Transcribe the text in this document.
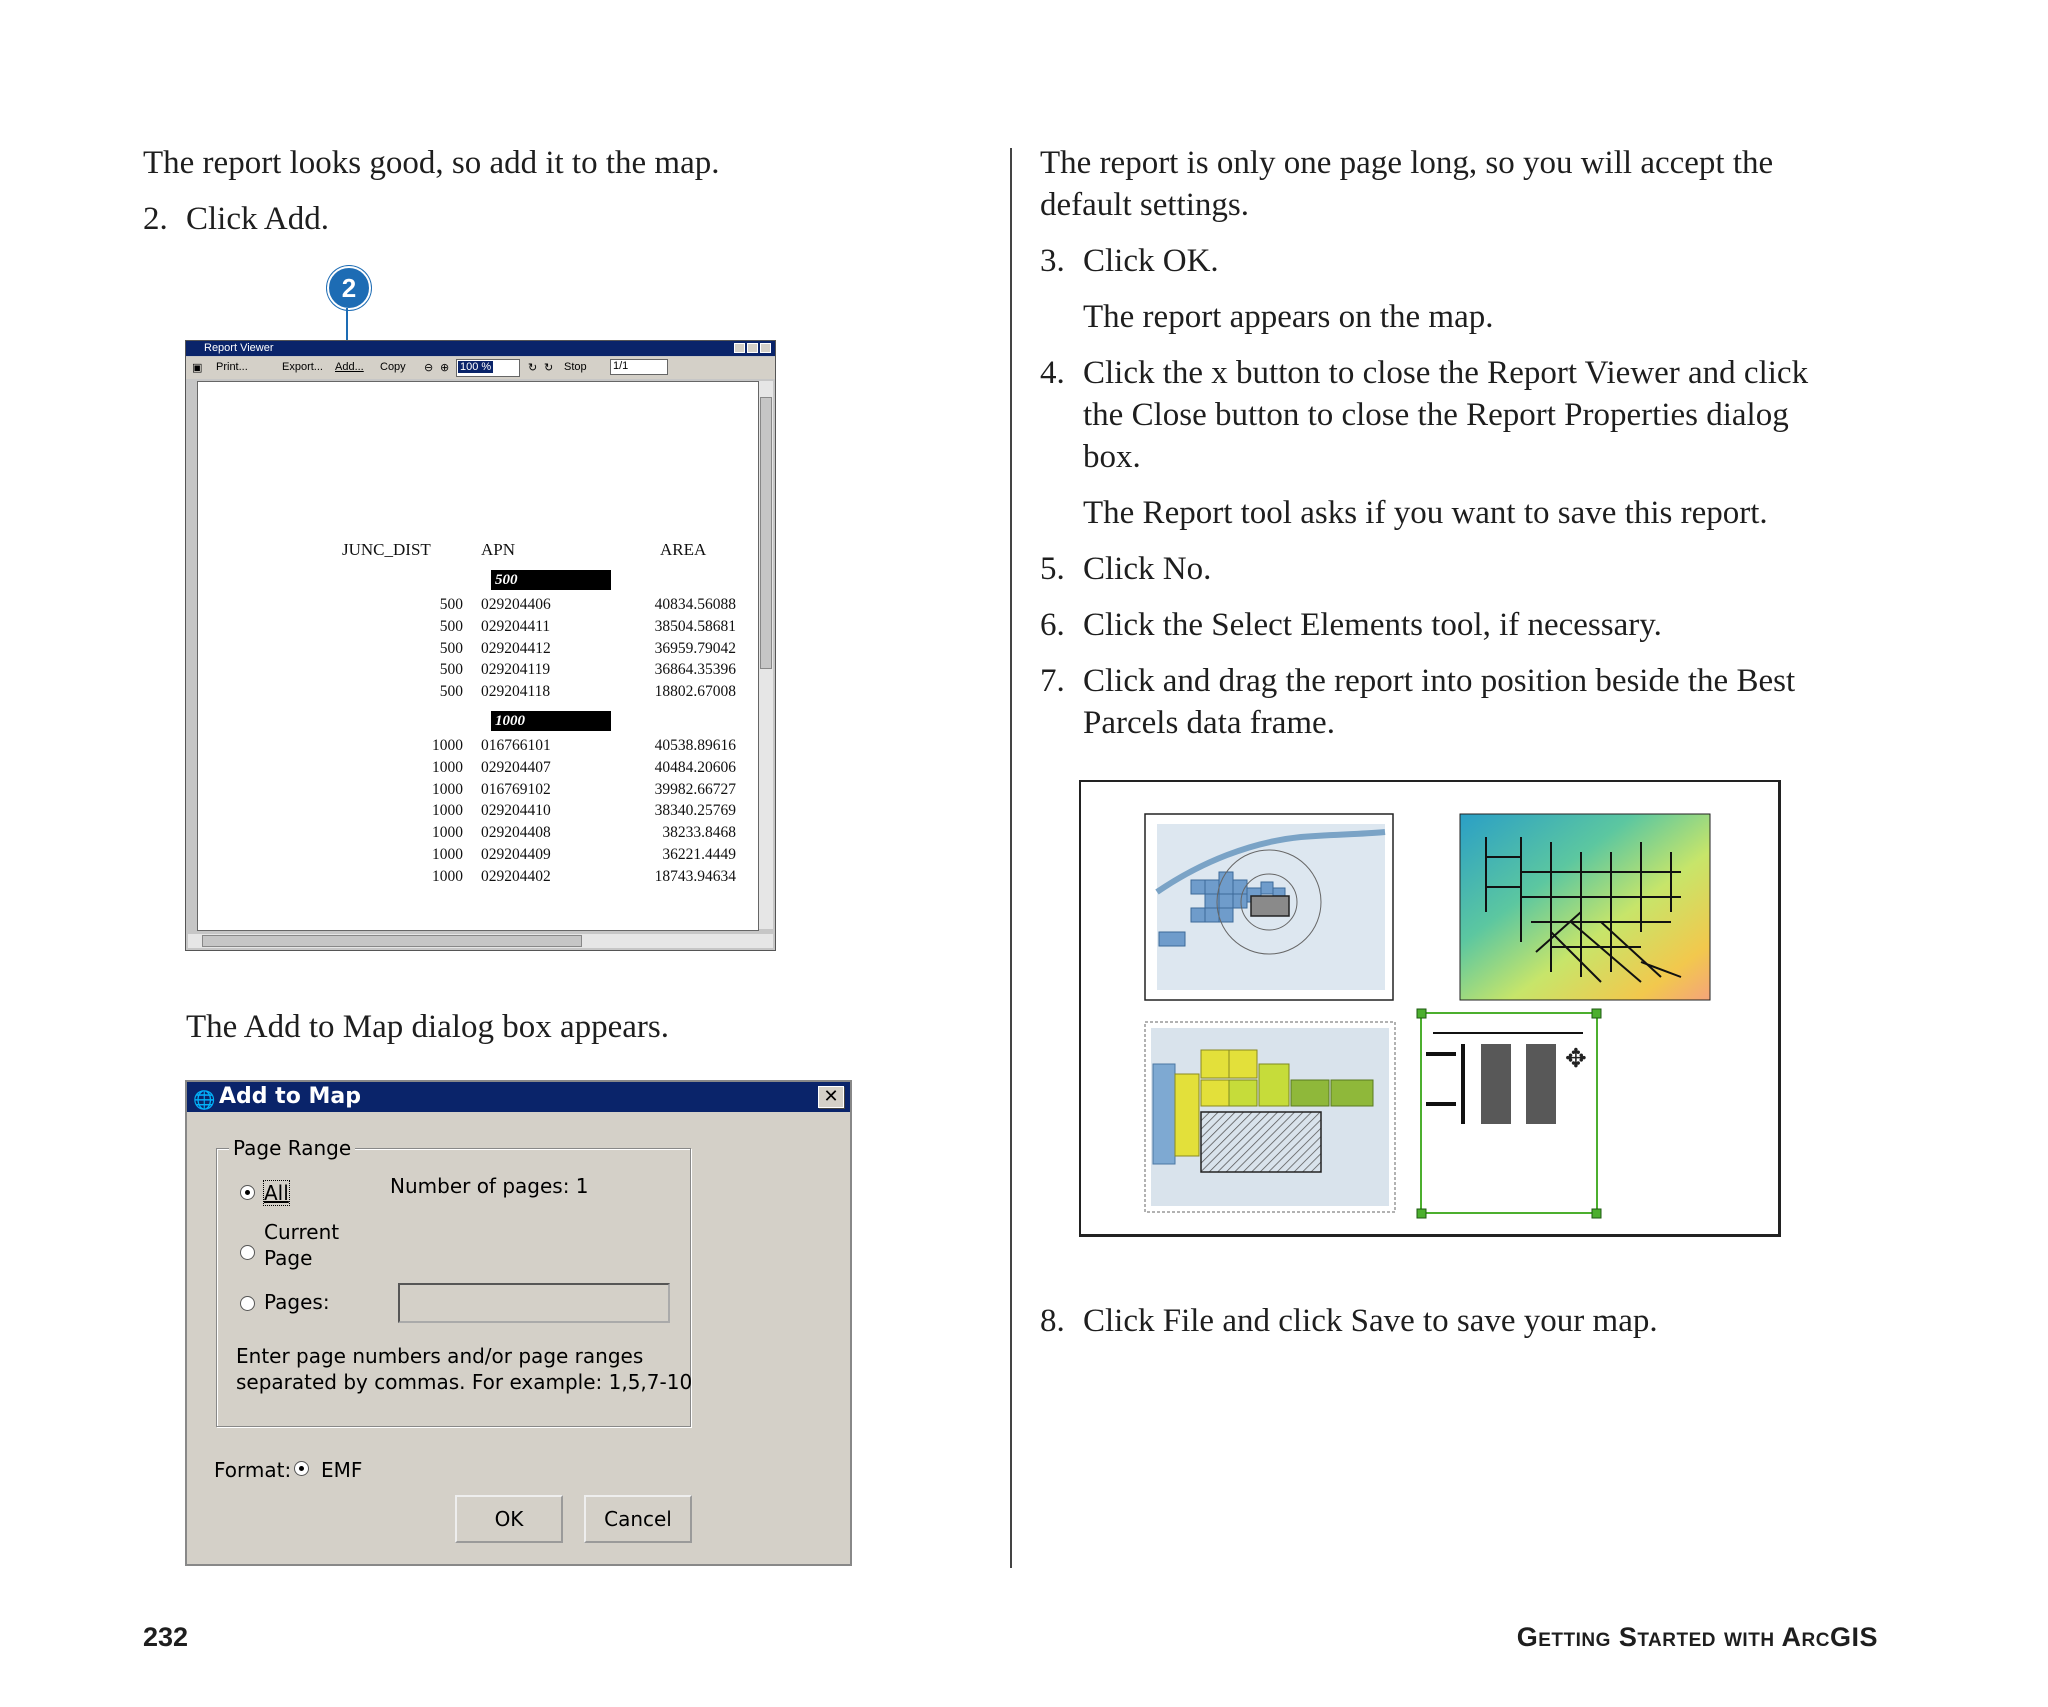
The report looks good, so add it to the map.
2. Click Add.
2
Report Viewer
▣ Print...	Export... Add... Copy ⊖ ⊕ 100 %	↻ ↻ Stop 1/1
JUNC_DIST	APN	AREA
500
500 029204406	40834.56088
500 029204411	38504.58681
500 029204412	36959.79042
500 029204119	36864.35396
500 029204118	18802.67008
1000
1000 016766101	40538.89616
1000 029204407	40484.20606
1000 016769102	39982.66727
1000 029204410	38340.25769
1000 029204408	38233.8468
1000 029204409	36221.4449
1000 029204402	18743.94634
The Add to Map dialog box appears.
🌐 Add to Map	✕
Page Range
All	Number of pages: 1
Current
Page
Pages:
Enter page numbers and/or page ranges
separated by commas. For example: 1,5,7-10
Format: EMF
OK	Cancel
The report is only one page long, so you will accept the
default settings.
3. Click OK.
The report appears on the map.
4. Click the x button to close the Report Viewer and click
the Close button to close the Report Properties dialog
box.
The Report tool asks if you want to save this report.
5. Click No.
6. Click the Select Elements tool, if necessary.
7. Click and drag the report into position beside the Best
Parcels data frame.
✥
8. Click File and click Save to save your map.
232	Getting Started with ArcGIS
